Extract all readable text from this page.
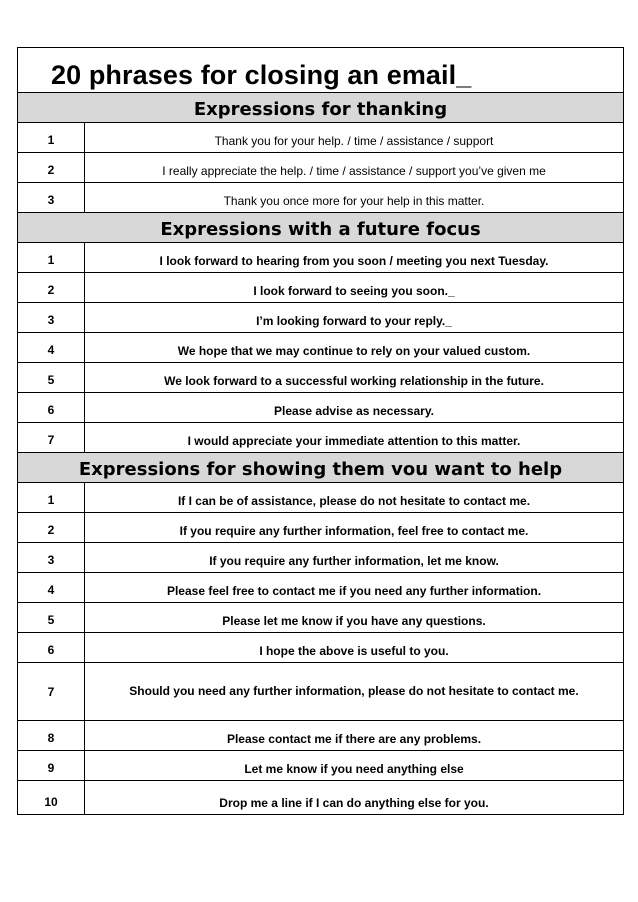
20 phrases for closing an email_
Expressions for thanking
1	Thank you for your help. / time / assistance / support
2	I really appreciate the help. / time / assistance / support you’ve given me
3	Thank you once more for your help in this matter.
Expressions with a future focus
1	I look forward to hearing from you soon / meeting you next Tuesday.
2	I look forward to seeing you soon._
3	I’m looking forward to your reply._
4	We hope that we may continue to rely on your valued custom.
5	We look forward to a successful working relationship in the future.
6	Please advise as necessary.
7	I would appreciate your immediate attention to this matter.
Expressions for showing them vou want to help
1	If I can be of assistance, please do not hesitate to contact me.
2	If you require any further information, feel free to contact me.
3	If you require any further information, let me know.
4	Please feel free to contact me if you need any further information.
5	Please let me know if you have any questions.
6	I hope the above is useful to you.
7	Should you need any further information, please do not hesitate to contact me.
8	Please contact me if there are any problems.
9	Let me know if you need anything else
10	Drop me a line if I can do anything else for you.
